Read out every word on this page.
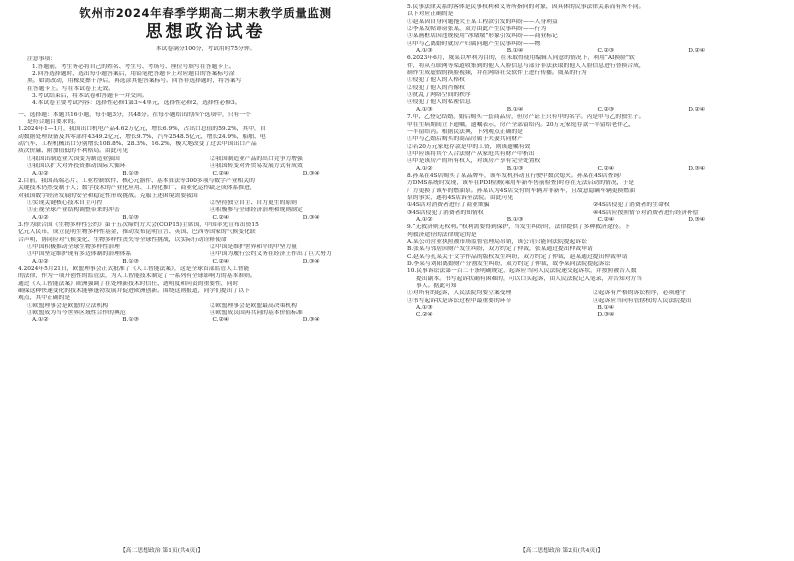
钦州市2024年春季学期高二期末教学质量监测
思想政治试卷
本试卷满分100分，考试用时75分钟。
注意事项：
1.答题前，考生务必将自己的姓名、考生号、考场号、座位号填写在答题卡上。
2.回答选择题时，选出每小题答案后，用铅笔把答题卡上对应题目的答案标号涂
黑。如需改动，用橡皮擦干净后，再选涂其他答案标号。回答非选择题时，将答案写
在答题卡上。写在本试卷上无效。
3.考试结束后，将本试卷和答题卡一并交回。
4.本试卷主要考试内容：选择性必修1第3~4单元，选择性必修2，选择性必修3。
一、选择题：本题共16小题，每小题3分，共48分。在每小题给出的四个选项中，只有一个
是符合题目要求的。
1.2024年1—1月，我国出口机电产品4.62万亿元，增长6.9%，占出口总值的59.2%，其中，自
动数据处理设备及其零部件4349.2亿元，增长9.7%，汽车2548.5亿元，增长24.9%，船舶、电
动汽车、工程机械出口分别增长108.8%、28.3%、16.2%，极大地改变了过去中国出口产品
质次价廉、附加值低的不利格局。由此可见
①我国出制造业大国变为制造业强国	②我国制造业产品的出口竞争力增强
③我国以扩大对外投资推动国际大循环	④我国转变对外贸易发展方式有成效
A.①②	B.①③	C.②④	D.③④
2.目前，我国高端芯片、工业控制软件、核心元器件、基本算法等300多项与数字产业相关的
关键技术仍然受制于人；数字技术的产业化应用、工程化推广、商业化运作缺乏成体系推进，
对我国数字经济发展的安全和稳定性形成挑战。克服上述困境需要我国
①实现关键核心技术自主可控	②坚持独立自主、自力更生的原则
③正视全球产业结构调整带来的冲击	④积极参与全球经济治理和规则制定
A.①②	B.①③	C.②④	D.③④
3.作为联合国《生物多样性公约》第十五次缔约方大会(COP15)主席国，中国率先宣布出资15
亿元人民币，成立昆明生物多样性基金，推动发布昆明宣言、英国、巴西等国家的气候变化联
合声明，协同应对气候变化、生物多样性丧失等全球性挑战，以实际行动诠释使命
①中国积极推动全球生物多样性治理	②中国是维护世界和平的中坚力量
③中国坚定维护现有多边体制的治理体系	④中国为履行公约义务在经济上作出了巨大努力
A.①②	B.①③	C.②④	D.③④
4.2024年5月21日，欧盟理事会正式批准了《人工智能法案》，这是全球首部监管人工智能
的法律，作为一项开创性的监管法，为人工智能技术制定了一系列有全球影响力的基本准则。
通过《人工智能法案》欧洲强调了在处理新技术时信任、透明度和问责的重要性，同时
确保这种快速变化的技术能够蓬勃发展并促进欧洲创新。围绕这则报道，同学们提出了以下
观点，其中正确的是
①欧盟理事会是欧盟的立法机构	②欧盟理事会是欧盟最高决策机构
③欧盟成为当今世界区域性合作的典范	④欧盟成员国再共同的基本价值标准
A.①②	B.①③	C.②④	D.③④
5.民事法律关系的客体是民事权利和义务所指向的对象，因具体的民事法律关系而有所不同。
以下对应正确的是
①赵某因自身问题拖欠王某工程款引发的纠纷——人身利益
②李某发帖诽谤张某，双方由此产生民事纠纷——行为
③某画框店因违规使用“冰墩墩”形象引发纠纷——商业标记
④甲与乙离婚时就房产归属问题产生民事纠纷——物
A.①③	B.①④	C.②③	D.②④
6.2023年6月，虞某以牟利为目的，在未取得使用编辑人同意的情况下，利用“AI换脸”软
件，将从互联网等渠道收集到的他人人脸信息与部分非法获取的他人人脸信息进行替换合成，
制作生成虚假的换脸视频，并在网络社交软件上进行传播。虞某的行为
①侵犯了他人的人格权
②侵犯了他人的肖像权
③扰乱了网络空间的秩序
④侵犯了他人的私密信息
A.①③	B.①④	C.②③	D.②④
7.甲、乙登记结婚，婚后购买一套商品房，但房产证上只有甲的名字。丙是甲与乙的独生子。
甲在生病期间立下遗嘱，遗嘱表示，房产全部留给丙。20万元家庭存款一半留给老伴乙，
一半留给丙。根据民法典，下列观点正确的是
①甲与乙婚后购买的商品房属于夫妻共同财产
②若20万元家庭存款是甲的工资，则该遗嘱有效
③甲应该将其个人合法财产从家庭共有财产中析出
④甲是该房产的所有权人，对该房产享有完全处置权
A.①②	B.①③	C.②④	D.③④
8.孙某在4S店购买了某品牌车，该车发机抖动且行驶中数次熄火。孙某在4S店查询厂
方DMS系统时发现，该车在PDI检测(乘用车新车售前检查)时存在无法启动的情况，于是
厂方更换了该车的燃油泵。孙某认为4S店交付的车辆并非新车，且故意隐瞒车辆更换燃油
泵的事实，遂将4S店诉至法院。由此可见
①4S店对消费者进行了商业欺骗	②4S店侵犯了消费者的生命权
③4S店侵犯了消费者的知情权	④4S店应按照情节对消费者进行经济补偿
A.①②	B.①③	C.②④	D.③④
9.“无救济则无权利。”权利需要得到保护，当发生纠纷时，法律提供了多种救济途径。下
列救济途径的法律规定的是
A.某公司营业执照被市场监督管理局吊销，该公司只能向法院提起诉讼
B.张某与邻居因财产发生纠纷，双方约定了仲裁，张某通过提出仲裁申请
C.赵某与孔某关于文字作品的版权发生纠纷，双方约定了仲裁，赵某通过提出仲裁申请
D.李某与刘阳离婚财产分割发生纠纷，双方约定了仲裁，故李某向法院提起诉讼
10.民事诉讼法第一百二十条明确规定，起诉应当向人民法院递交起诉状，并按照被告人数
提出副本。书写起诉状确有困难的，可以口头起诉，由人民法院记入笔录，并告知对方当
事人。据此可知
①对所有的起诉，人民法院均要立案受理	②起诉有严格的诉讼程序，必须遵守
③书写起诉状是诉讼过程中最重要的环节	④起诉应当向有管辖权的人民法院提出
A.①③	B.①④
C.②④	D.③④
【高二思想政治 第1页(共4页)】	【高二思想政治 第2页(共4页)】
